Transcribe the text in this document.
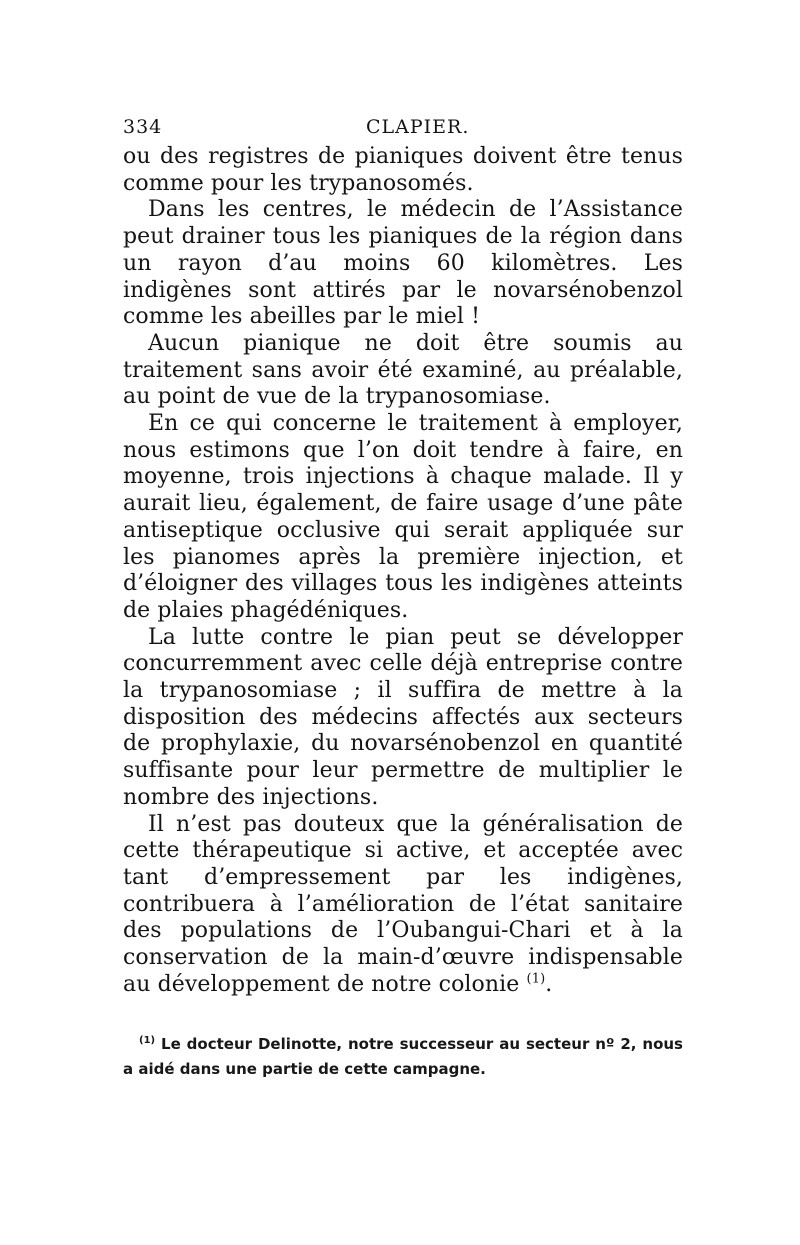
334	CLAPIER.

ou des registres de pianiques doivent être tenus comme pour les trypanosomés.

Dans les centres, le médecin de l’Assistance peut drainer tous les pianiques de la région dans un rayon d’au moins 60 kilomètres. Les indigènes sont attirés par le novarsénobenzol comme les abeilles par le miel !

Aucun pianique ne doit être soumis au traitement sans avoir été examiné, au préalable, au point de vue de la trypanosomiase.

En ce qui concerne le traitement à employer, nous estimons que l’on doit tendre à faire, en moyenne, trois injections à chaque malade. Il y aurait lieu, également, de faire usage d’une pâte antiseptique occlusive qui serait appliquée sur les pianomes après la première injection, et d’éloigner des villages tous les indigènes atteints de plaies phagédéniques.

La lutte contre le pian peut se développer concurremment avec celle déjà entreprise contre la trypanosomiase ; il suffira de mettre à la disposition des médecins affectés aux secteurs de prophylaxie, du novarsénobenzol en quantité suffisante pour leur permettre de multiplier le nombre des injections.

Il n’est pas douteux que la généralisation de cette thérapeutique si active, et acceptée avec tant d’empressement par les indigènes, contribuera à l’amélioration de l’état sanitaire des populations de l’Oubangui-Chari et à la conservation de la main-d’œuvre indispensable au développement de notre colonie $^{(1)}$.

$^{(1)}$ Le docteur Delinotte, notre successeur au secteur nº 2, nous a aidé dans une partie de cette campagne.
